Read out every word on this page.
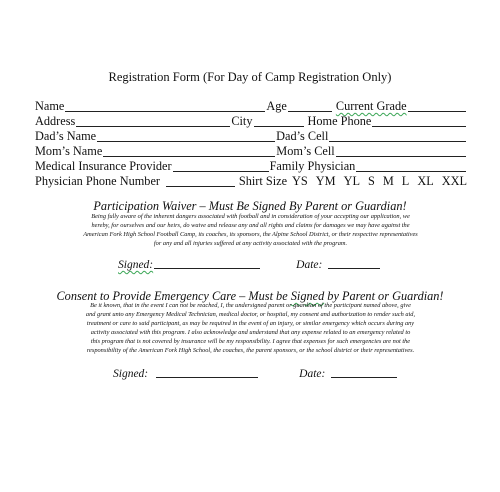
Registration Form (For Day of Camp Registration Only)
Name	Age	Current Grade
Address	City	Home Phone
Dad’s Name	Dad’s Cell
Mom’s Name	Mom’s Cell
Medical Insurance Provider	Family Physician
Physician Phone Number	Shirt Size YS YM YL S M L XL XXL
Participation Waiver – Must Be Signed By Parent or Guardian!
Being fully aware of the inherent dangers associated with football and in consideration of your accepting our application, we
hereby, for ourselves and our heirs, do waive and release any and all rights and claims for damages we may have against the
American Fork High School Football Camp, its coaches, its sponsors, the Alpine School District, or their respective representatives
for any and all injuries suffered at any activity associated with the program.
Signed:	Date:
Consent to Provide Emergency Care – Must be Signed by Parent or Guardian!
Be it known, that in the event I can not be reached, I, the undersigned parent or guardian of the participant named above, give
and grant unto any Emergency Medical Technician, medical doctor, or hospital, my consent and authorization to render such aid,
treatment or care to said participant, as may be required in the event of an injury, or similar emergency which occurs during any
activity associated with this program. I also acknowledge and understand that any expense related to an emergency related to
this program that is not covered by insurance will be my responsibility. I agree that expenses for such emergencies are not the
responsibility of the American Fork High School, the coaches, the parent sponsors, or the school district or their representatives.
Signed:	Date:
